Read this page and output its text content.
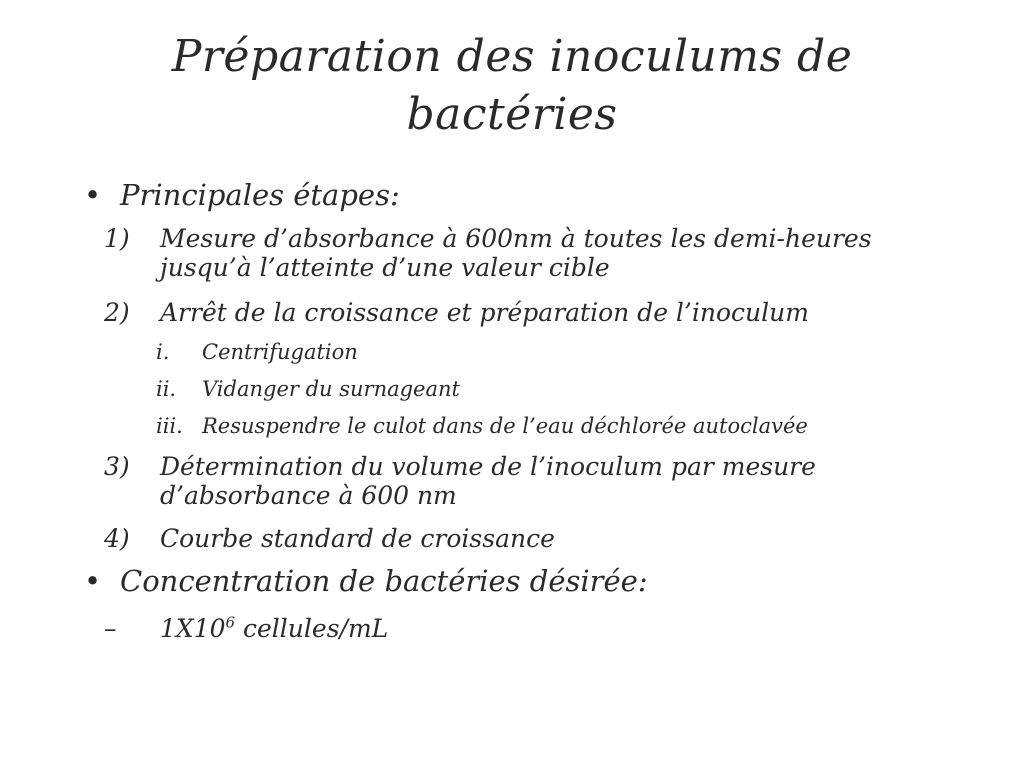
Préparation des inoculums de
bactéries
• Principales étapes:
1) Mesure d’absorbance à 600nm à toutes les demi-heures
jusqu’à l’atteinte d’une valeur cible
2) Arrêt de la croissance et préparation de l’inoculum
i. Centrifugation
ii. Vidanger du surnageant
iii. Resuspendre le culot dans de l’eau déchlorée autoclavée
3) Détermination du volume de l’inoculum par mesure
d’absorbance à 600 nm
4) Courbe standard de croissance
• Concentration de bactéries désirée:
– $1X10^6$ cellules/mL
